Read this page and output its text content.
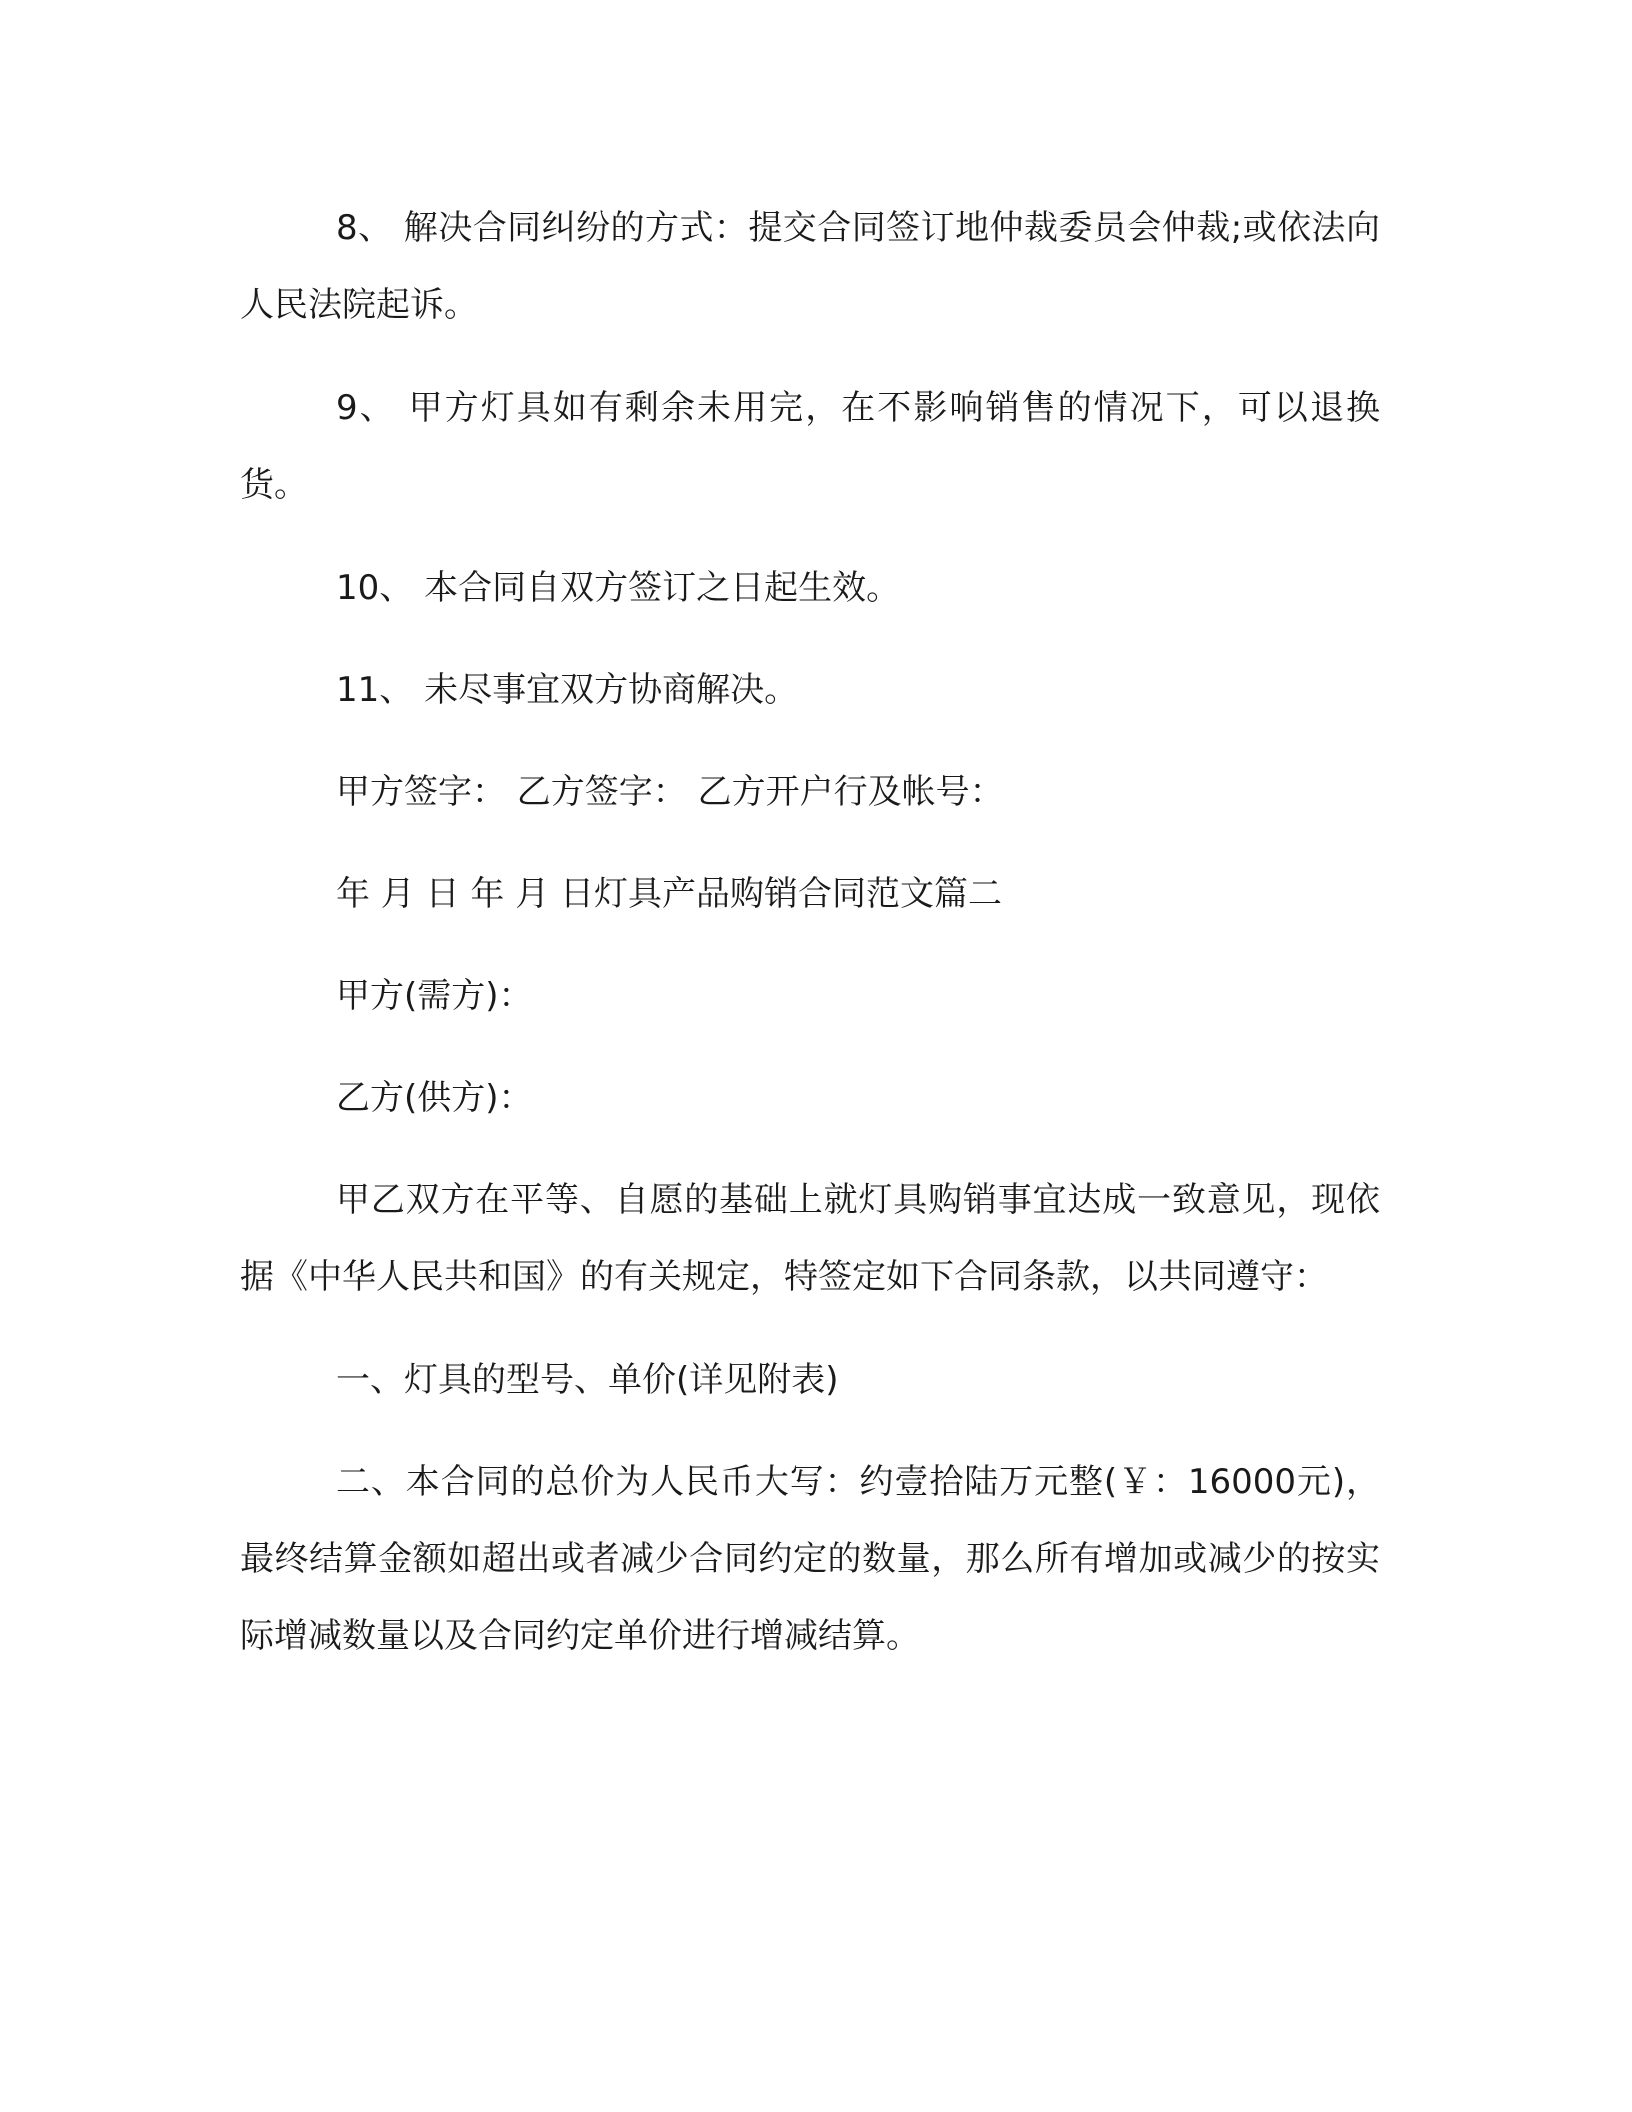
8、 解决合同纠纷的方式：提交合同签订地仲裁委员会仲裁;或依法向人民法院起诉。

9、 甲方灯具如有剩余未用完，在不影响销售的情况下，可以退换货。

10、 本合同自双方签订之日起生效。

11、 未尽事宜双方协商解决。

甲方签字： 乙方签字： 乙方开户行及帐号：

年 月 日 年 月 日灯具产品购销合同范文篇二

甲方(需方)：

乙方(供方)：

甲乙双方在平等、自愿的基础上就灯具购销事宜达成一致意见，现依据《中华人民共和国》的有关规定，特签定如下合同条款，以共同遵守：

一、灯具的型号、单价(详见附表)

二、本合同的总价为人民币大写：约壹拾陆万元整(￥：16000元)，最终结算金额如超出或者减少合同约定的数量，那么所有增加或减少的按实际增减数量以及合同约定单价进行增减结算。
